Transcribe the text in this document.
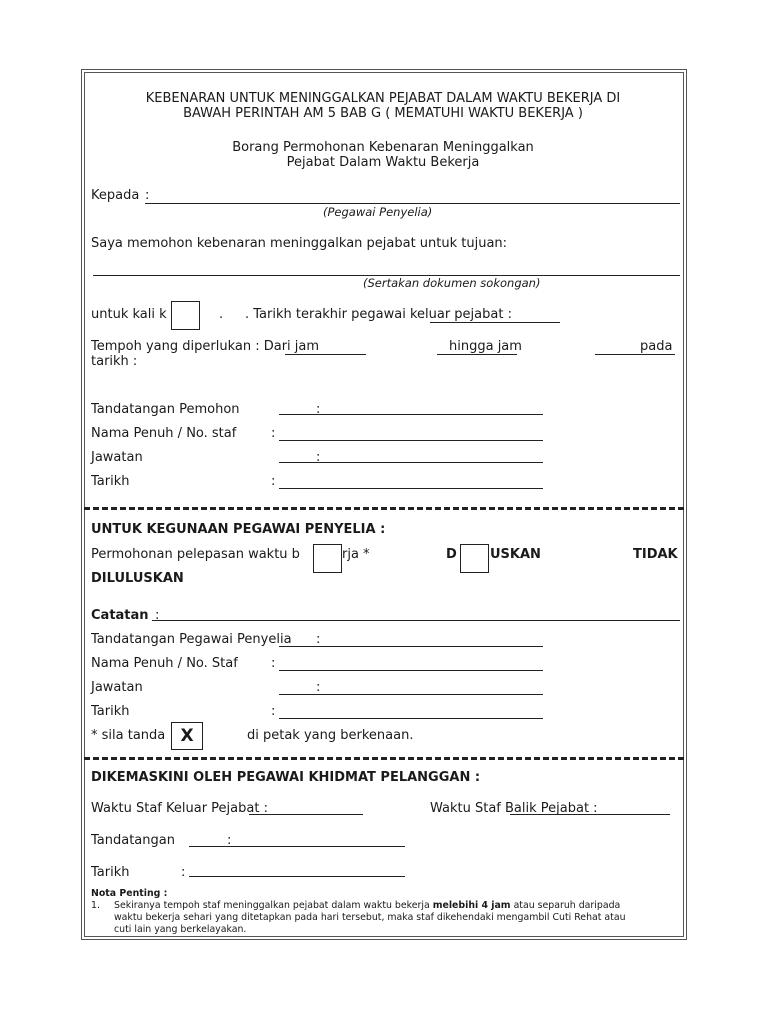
KEBENARAN UNTUK MENINGGALKAN PEJABAT DALAM WAKTU BEKERJA DI
BAWAH PERINTAH AM 5 BAB G ( MEMATUHI WAKTU BEKERJA )
Borang Permohonan Kebenaran Meninggalkan
Pejabat Dalam Waktu Bekerja
Kepada :
(Pegawai Penyelia)
Saya memohon kebenaran meninggalkan pejabat untuk tujuan:
(Sertakan dokumen sokongan)
untuk kali k	. . Tarikh terakhir pegawai keluar pejabat :
Tempoh yang diperlukan : Dari jam	hingga jam	pada
tarikh :
Tandatangan Pemohon	:
Nama Penuh / No. staf	:
Jawatan	:
Tarikh	:
UNTUK KEGUNAAN PEGAWAI PENYELIA :
Permohonan pelepasan waktu b	rja *	D	USKAN	TIDAK
DILULUSKAN
Catatan :
Tandatangan Pegawai Penyelia :
Nama Penuh / No. Staf	:
Jawatan	:
Tarikh	:
* sila tanda X	di petak yang berkenaan.
DIKEMASKINI OLEH PEGAWAI KHIDMAT PELANGGAN :
Waktu Staf Keluar Pejabat :	Waktu Staf Balik Pejabat :
Tandatangan	:
Tarikh	:
Nota Penting :
1. Sekiranya tempoh staf meninggalkan pejabat dalam waktu bekerja melebihi 4 jam atau separuh daripada
waktu bekerja sehari yang ditetapkan pada hari tersebut, maka staf dikehendaki mengambil Cuti Rehat atau
cuti lain yang berkelayakan.
